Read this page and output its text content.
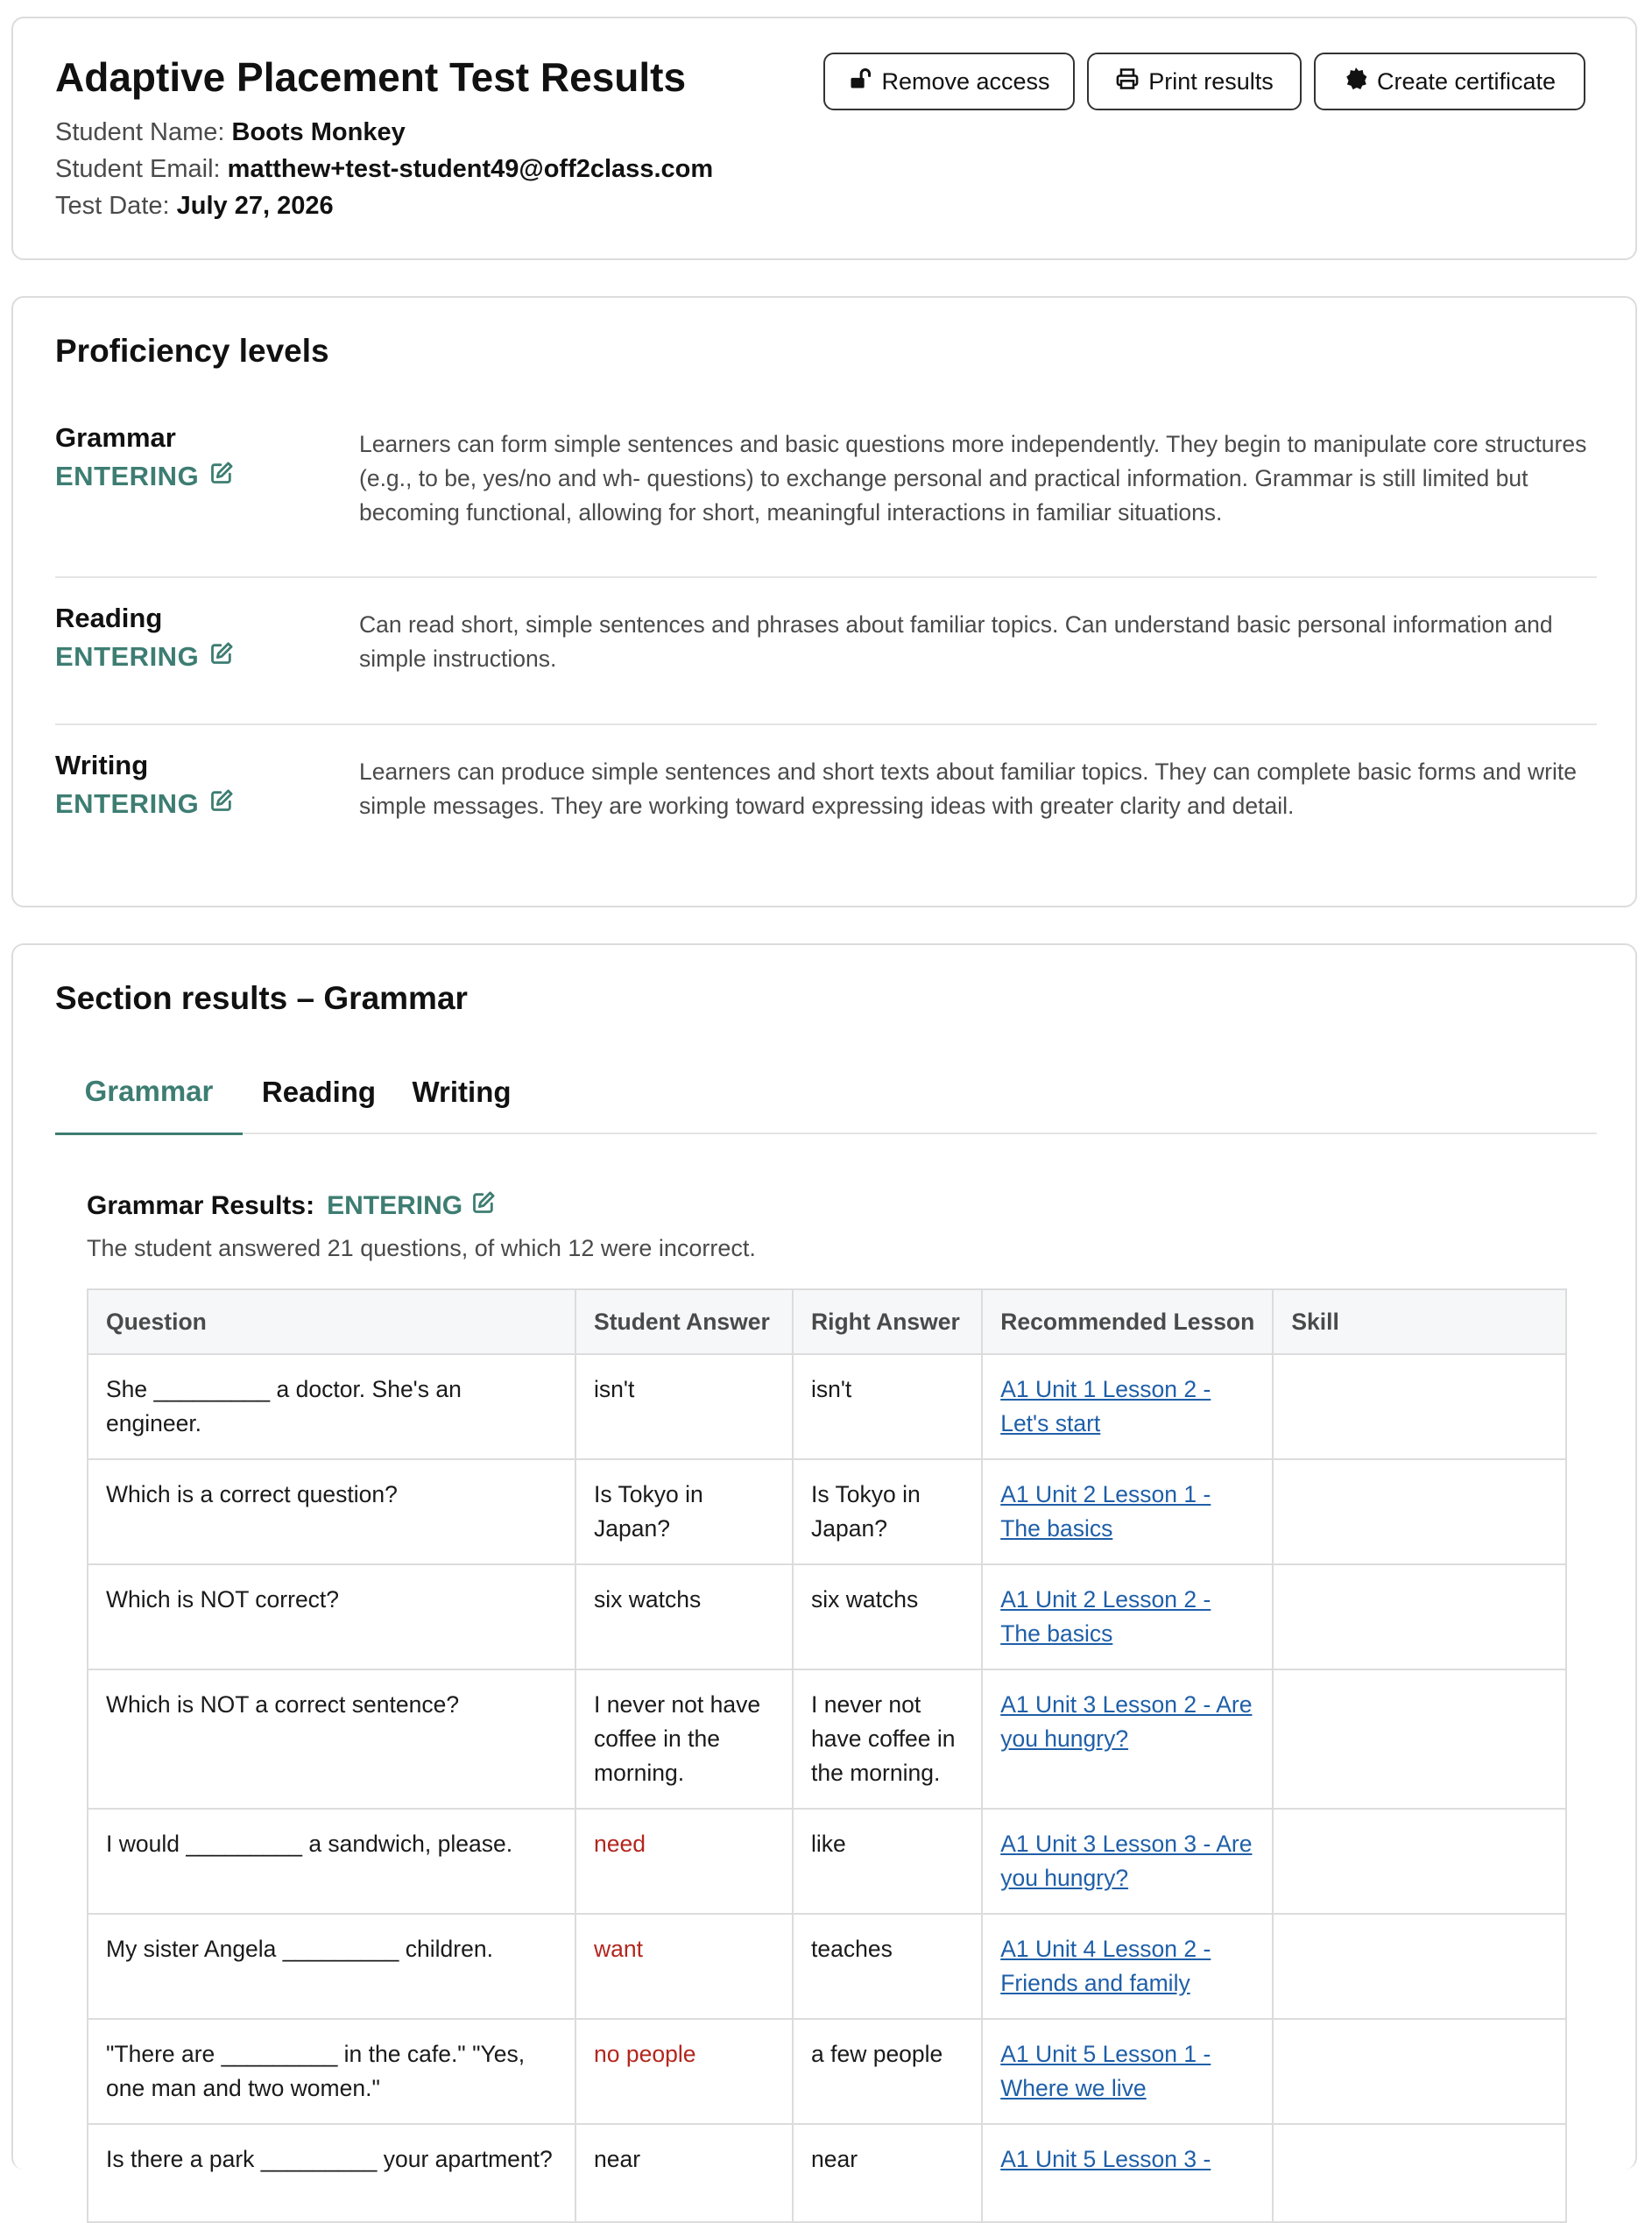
Adaptive Placement Test Results
Student Name: Boots Monkey
Student Email: matthew+test-student49@off2class.com
Test Date: July 27, 2026
Remove access	Print results	Create certificate
Proficiency levels
Grammar
ENTERING
Learners can form simple sentences and basic questions more independently. They begin to manipulate core structures (e.g., to be, yes/no and wh- questions) to exchange personal and practical information. Grammar is still limited but becoming functional, allowing for short, meaningful interactions in familiar situations.
Reading
ENTERING
Can read short, simple sentences and phrases about familiar topics. Can understand basic personal information and simple instructions.
Writing
ENTERING
Learners can produce simple sentences and short texts about familiar topics. They can complete basic forms and write simple messages. They are working toward expressing ideas with greater clarity and detail.
Section results – Grammar
Grammar	Reading	Writing
Grammar Results: ENTERING
The student answered 21 questions, of which 12 were incorrect.
Question	Student Answer	Right Answer	Recommended Lesson	Skill
She _________ a doctor. She's an engineer.	isn't	isn't	A1 Unit 1 Lesson 2 - Let's start	
Which is a correct question?	Is Tokyo in Japan?	Is Tokyo in Japan?	A1 Unit 2 Lesson 1 - The basics	
Which is NOT correct?	six watchs	six watchs	A1 Unit 2 Lesson 2 - The basics	
Which is NOT a correct sentence?	I never not have coffee in the morning.	I never not have coffee in the morning.	A1 Unit 3 Lesson 2 - Are you hungry?	
I would _________ a sandwich, please.	need	like	A1 Unit 3 Lesson 3 - Are you hungry?	
My sister Angela _________ children.	want	teaches	A1 Unit 4 Lesson 2 - Friends and family	
"There are _________ in the cafe." "Yes, one man and two women."	no people	a few people	A1 Unit 5 Lesson 1 - Where we live	
Is there a park _________ your apartment?	near	near	A1 Unit 5 Lesson 3 -	
